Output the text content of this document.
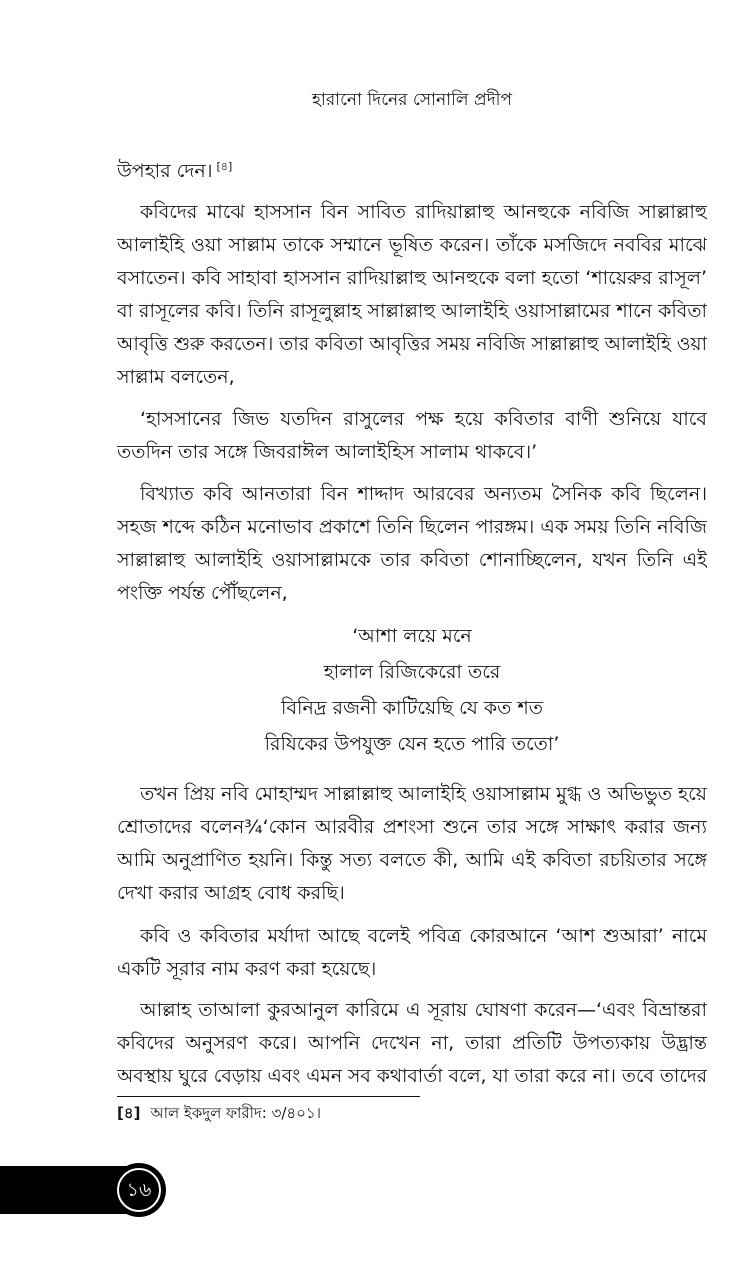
হারানো দিনের সোনালি প্রদীপ
উপহার দেন। [৪]
কবিদের মাঝে হাসসান বিন সাবিত রাদিয়াল্লাহু আনহুকে নবিজি সাল্লাল্লাহু
আলাইহি ওয়া সাল্লাম তাকে সম্মানে ভূষিত করেন। তাঁকে মসজিদে নববির মাঝে
বসাতেন। কবি সাহাবা হাসসান রাদিয়াল্লাহু আনহুকে বলা হতো ‘শায়েরুর রাসূল’
বা রাসূলের কবি। তিনি রাসূলুল্লাহ সাল্লাল্লাহু আলাইহি ওয়াসাল্লামের শানে কবিতা
আবৃত্তি শুরু করতেন। তার কবিতা আবৃত্তির সময় নবিজি সাল্লাল্লাহু আলাইহি ওয়া
সাল্লাম বলতেন,
‘হাসসানের জিভ যতদিন রাসুলের পক্ষ হয়ে কবিতার বাণী শুনিয়ে যাবে
ততদিন তার সঙ্গে জিবরাঈল আলাইহিস সালাম থাকবে।’
বিখ্যাত কবি আনতারা বিন শাদ্দাদ আরবের অন্যতম সৈনিক কবি ছিলেন।
সহজ শব্দে কঠিন মনোভাব প্রকাশে তিনি ছিলেন পারঙ্গম। এক সময় তিনি নবিজি
সাল্লাল্লাহু আলাইহি ওয়াসাল্লামকে তার কবিতা শোনাচ্ছিলেন, যখন তিনি এই
পংক্তি পর্যন্ত পৌঁছলেন,
‘আশা লয়ে মনে
হালাল রিজিকেরো তরে
বিনিদ্র রজনী কাটিয়েছি যে কত শত
রিযিকের উপযুক্ত যেন হতে পারি ততো’
তখন প্রিয় নবি মোহাম্মদ সাল্লাল্লাহু আলাইহি ওয়াসাল্লাম মুগ্ধ ও অভিভুত হয়ে
শ্রোতাদের বলেন¾‘কোন আরবীর প্রশংসা শুনে তার সঙ্গে সাক্ষাৎ করার জন্য
আমি অনুপ্রাণিত হয়নি। কিন্তু সত্য বলতে কী, আমি এই কবিতা রচয়িতার সঙ্গে
দেখা করার আগ্রহ বোধ করছি।
কবি ও কবিতার মর্যাদা আছে বলেই পবিত্র কোরআনে ‘আশ শুআরা’ নামে
একটি সূরার নাম করণ করা হয়েছে।
আল্লাহ তাআলা কুরআনুল কারিমে এ সূরায় ঘোষণা করেন—‘এবং বিভ্রান্তরা
কবিদের অনুসরণ করে। আপনি দেখেন না, তারা প্রতিটি উপত্যকায় উদ্ভ্রান্ত
অবস্থায় ঘুরে বেড়ায় এবং এমন সব কথাবার্তা বলে, যা তারা করে না। তবে তাদের
[৪] আল ইকদুল ফারীদ: ৩/৪০১।
১৬
